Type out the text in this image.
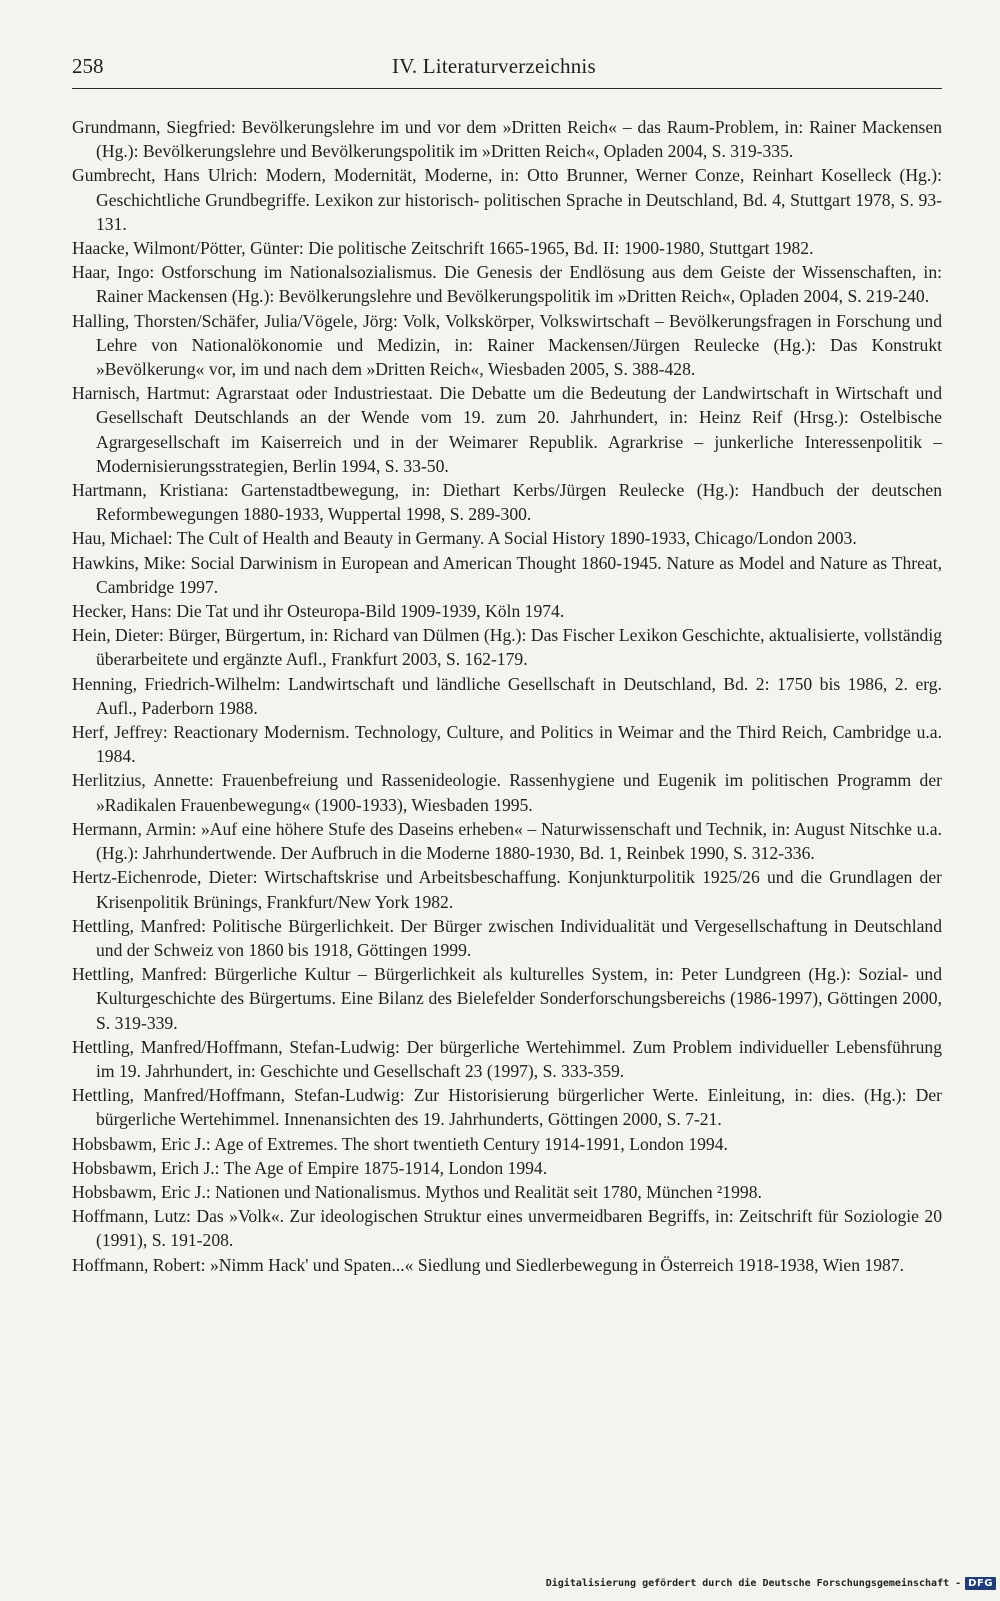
258	IV. Literaturverzeichnis

Grundmann, Siegfried: Bevölkerungslehre im und vor dem »Dritten Reich« – das Raum-Problem, in: Rainer Mackensen (Hg.): Bevölkerungslehre und Bevölkerungspolitik im »Dritten Reich«, Opladen 2004, S. 319-335.

Gumbrecht, Hans Ulrich: Modern, Modernität, Moderne, in: Otto Brunner, Werner Conze, Reinhart Koselleck (Hg.): Geschichtliche Grundbegriffe. Lexikon zur historisch- politischen Sprache in Deutschland, Bd. 4, Stuttgart 1978, S. 93-131.

Haacke, Wilmont/Pötter, Günter: Die politische Zeitschrift 1665-1965, Bd. II: 1900-1980, Stuttgart 1982.

Haar, Ingo: Ostforschung im Nationalsozialismus. Die Genesis der Endlösung aus dem Geiste der Wissenschaften, in: Rainer Mackensen (Hg.): Bevölkerungslehre und Bevölkerungspolitik im »Dritten Reich«, Opladen 2004, S. 219-240.

Halling, Thorsten/Schäfer, Julia/Vögele, Jörg: Volk, Volkskörper, Volkswirtschaft – Bevölkerungsfragen in Forschung und Lehre von Nationalökonomie und Medizin, in: Rainer Mackensen/Jürgen Reulecke (Hg.): Das Konstrukt »Bevölkerung« vor, im und nach dem »Dritten Reich«, Wiesbaden 2005, S. 388-428.

Harnisch, Hartmut: Agrarstaat oder Industriestaat. Die Debatte um die Bedeutung der Landwirtschaft in Wirtschaft und Gesellschaft Deutschlands an der Wende vom 19. zum 20. Jahrhundert, in: Heinz Reif (Hrsg.): Ostelbische Agrargesellschaft im Kaiserreich und in der Weimarer Republik. Agrarkrise – junkerliche Interessenpolitik – Modernisierungsstrategien, Berlin 1994, S. 33-50.

Hartmann, Kristiana: Gartenstadtbewegung, in: Diethart Kerbs/Jürgen Reulecke (Hg.): Handbuch der deutschen Reformbewegungen 1880-1933, Wuppertal 1998, S. 289-300.

Hau, Michael: The Cult of Health and Beauty in Germany. A Social History 1890-1933, Chicago/London 2003.

Hawkins, Mike: Social Darwinism in European and American Thought 1860-1945. Nature as Model and Nature as Threat, Cambridge 1997.

Hecker, Hans: Die Tat und ihr Osteuropa-Bild 1909-1939, Köln 1974.

Hein, Dieter: Bürger, Bürgertum, in: Richard van Dülmen (Hg.): Das Fischer Lexikon Geschichte, aktualisierte, vollständig überarbeitete und ergänzte Aufl., Frankfurt 2003, S. 162-179.

Henning, Friedrich-Wilhelm: Landwirtschaft und ländliche Gesellschaft in Deutschland, Bd. 2: 1750 bis 1986, 2. erg. Aufl., Paderborn 1988.

Herf, Jeffrey: Reactionary Modernism. Technology, Culture, and Politics in Weimar and the Third Reich, Cambridge u.a. 1984.

Herlitzius, Annette: Frauenbefreiung und Rassenideologie. Rassenhygiene und Eugenik im politischen Programm der »Radikalen Frauenbewegung« (1900-1933), Wiesbaden 1995.

Hermann, Armin: »Auf eine höhere Stufe des Daseins erheben« – Naturwissenschaft und Technik, in: August Nitschke u.a. (Hg.): Jahrhundertwende. Der Aufbruch in die Moderne 1880-1930, Bd. 1, Reinbek 1990, S. 312-336.

Hertz-Eichenrode, Dieter: Wirtschaftskrise und Arbeitsbeschaffung. Konjunkturpolitik 1925/26 und die Grundlagen der Krisenpolitik Brünings, Frankfurt/New York 1982.

Hettling, Manfred: Politische Bürgerlichkeit. Der Bürger zwischen Individualität und Vergesellschaftung in Deutschland und der Schweiz von 1860 bis 1918, Göttingen 1999.

Hettling, Manfred: Bürgerliche Kultur – Bürgerlichkeit als kulturelles System, in: Peter Lundgreen (Hg.): Sozial- und Kulturgeschichte des Bürgertums. Eine Bilanz des Bielefelder Sonderforschungsbereichs (1986-1997), Göttingen 2000, S. 319-339.

Hettling, Manfred/Hoffmann, Stefan-Ludwig: Der bürgerliche Wertehimmel. Zum Problem individueller Lebensführung im 19. Jahrhundert, in: Geschichte und Gesellschaft 23 (1997), S. 333-359.

Hettling, Manfred/Hoffmann, Stefan-Ludwig: Zur Historisierung bürgerlicher Werte. Einleitung, in: dies. (Hg.): Der bürgerliche Wertehimmel. Innenansichten des 19. Jahrhunderts, Göttingen 2000, S. 7-21.

Hobsbawm, Eric J.: Age of Extremes. The short twentieth Century 1914-1991, London 1994.

Hobsbawm, Erich J.: The Age of Empire 1875-1914, London 1994.

Hobsbawm, Eric J.: Nationen und Nationalismus. Mythos und Realität seit 1780, München ²1998.

Hoffmann, Lutz: Das »Volk«. Zur ideologischen Struktur eines unvermeidbaren Begriffs, in: Zeitschrift für Soziologie 20 (1991), S. 191-208.

Hoffmann, Robert: »Nimm Hack' und Spaten...« Siedlung und Siedlerbewegung in Österreich 1918-1938, Wien 1987.

Digitalisierung gefördert durch die Deutsche Forschungsgemeinschaft - DFG
